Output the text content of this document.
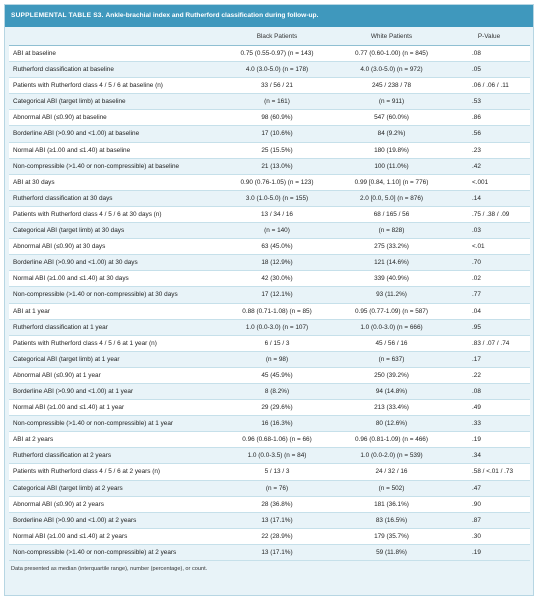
SUPPLEMENTAL TABLE S3. Ankle-brachial index and Rutherford classification during follow-up.
	Black Patients	White Patients	P-Value
ABI at baseline	0.75 (0.55-0.97) (n = 143)	0.77 (0.60-1.00) (n = 845)	.08
Rutherford classification at baseline	4.0 (3.0-5.0) (n = 178)	4.0 (3.0-5.0) (n = 972)	.05
Patients with Rutherford class 4 / 5 / 6 at baseline (n)	33 / 56 / 21	245 / 238 / 78	.06 / .06 / .11
Categorical ABI (target limb) at baseline	(n = 161)	(n = 911)	.53
Abnormal ABI (≤0.90) at baseline	98 (60.9%)	547 (60.0%)	.86
Borderline ABI (>0.90 and <1.00) at baseline	17 (10.6%)	84 (9.2%)	.56
Normal ABI (≥1.00 and ≤1.40) at baseline	25 (15.5%)	180 (19.8%)	.23
Non-compressible (>1.40 or non-compressible) at baseline	21 (13.0%)	100 (11.0%)	.42
ABI at 30 days	0.90 (0.76-1.05) (n = 123)	0.99 [0.84, 1.10] (n = 776)	<.001
Rutherford classification at 30 days	3.0 (1.0-5.0) (n = 155)	2.0 [0.0, 5.0] (n = 876)	.14
Patients with Rutherford class 4 / 5 / 6 at 30 days (n)	13 / 34 / 16	68 / 165 / 56	.75 / .38 / .09
Categorical ABI (target limb) at 30 days	(n = 140)	(n = 828)	.03
Abnormal ABI (≤0.90) at 30 days	63 (45.0%)	275 (33.2%)	<.01
Borderline ABI (>0.90 and <1.00) at 30 days	18 (12.9%)	121 (14.6%)	.70
Normal ABI (≥1.00 and ≤1.40) at 30 days	42 (30.0%)	339 (40.9%)	.02
Non-compressible (>1.40 or non-compressible) at 30 days	17 (12.1%)	93 (11.2%)	.77
ABI at 1 year	0.88 (0.71-1.08) (n = 85)	0.95 (0.77-1.09) (n = 587)	.04
Rutherford classification at 1 year	1.0 (0.0-3.0) (n = 107)	1.0 (0.0-3.0) (n = 666)	.95
Patients with Rutherford class 4 / 5 / 6 at 1 year (n)	6 / 15 / 3	45 / 56 / 16	.83 / .07 / .74
Categorical ABI (target limb) at 1 year	(n = 98)	(n = 637)	.17
Abnormal ABI (≤0.90) at 1 year	45 (45.9%)	250 (39.2%)	.22
Borderline ABI (>0.90 and <1.00) at 1 year	8 (8.2%)	94 (14.8%)	.08
Normal ABI (≥1.00 and ≤1.40) at 1 year	29 (29.6%)	213 (33.4%)	.49
Non-compressible (>1.40 or non-compressible) at 1 year	16 (16.3%)	80 (12.6%)	.33
ABI at 2 years	0.96 (0.68-1.06) (n = 66)	0.96 (0.81-1.09) (n = 466)	.19
Rutherford classification at 2 years	1.0 (0.0-3.5) (n = 84)	1.0 (0.0-2.0) (n = 539)	.34
Patients with Rutherford class 4 / 5 / 6 at 2 years (n)	5 / 13 / 3	24 / 32 / 16	.58 / <.01 / .73
Categorical ABI (target limb) at 2 years	(n = 76)	(n = 502)	.47
Abnormal ABI (≤0.90) at 2 years	28 (36.8%)	181 (36.1%)	.90
Borderline ABI (>0.90 and <1.00) at 2 years	13 (17.1%)	83 (16.5%)	.87
Normal ABI (≥1.00 and ≤1.40) at 2 years	22 (28.9%)	179 (35.7%)	.30
Non-compressible (>1.40 or non-compressible) at 2 years	13 (17.1%)	59 (11.8%)	.19
Data presented as median (interquartile range), number (percentage), or count.
